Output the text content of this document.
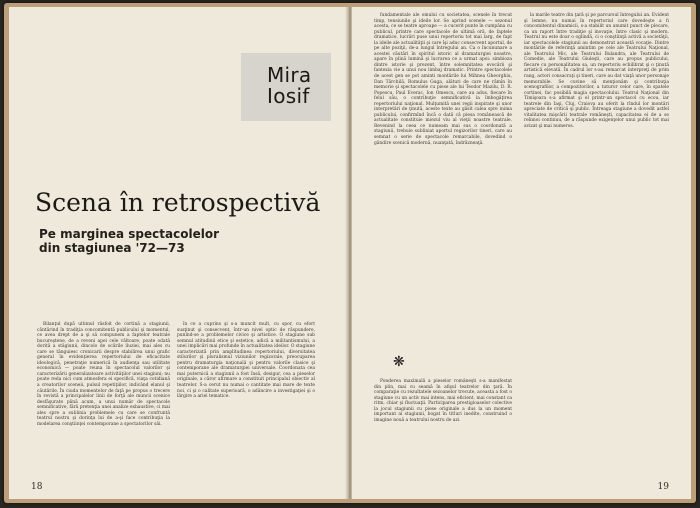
Mira Iosif
Scena în retrospectivă
Pe marginea spectacolelor din stagiunea '72—73

Bilanţul după ultimul răsfoit de cortină a stagiunii, cântărind în tradiţia concomitentă publicului şi momentul, ce avea drept de a şi să compunem a faptelor teatrale bucureştene, de a reveni apei cele vâltoare, poate odată dorită a stăgiunii, dincolo de ocările iluziei, mai ales cu care se tânguiesc cronicarii despre stabilirea unui grafic general în evidenţierea repertoriului de eficacitate ideologică, penetraţie numerică în audienţa sau utilitate economică — poate reuna în spectacolul valorilor şi caracterizării generalizatoare activităţilor unei stagiuni; nu poate reda nici cum atmosfera ei specifică, viaţa cotidiană a creatorilor sceneii, pulsul repetiţiilor, indicând elanul şi căutările. În ciuda momentelor de faţă pe propus o trecere în revistă a principalelor linii de forţă ale muncii scenice desfăşurate până acum, a unui număr de spectacole semnificative, fără pretenţia unei analize exhaustive, ci mai ales spre a sublinia problemele cu care se confruntă teatrul nostru şi dorinţa lui de a-şi face contribuţia la modelarea conştiinţei contemporane a spectatorilor săi.

în ce a cuprins şi s-a muncit mult, cu spor, cu efort susţinut şi consecvent, într-un nivel optic de răspundere, punînd-se a problemelor civice şi artistice. O stagiune sub semnul atitudinii etice şi estetice, adică a militantismului, a unei implicări mai profunde în actualitatea ideilor. O stagiune caracterizată prin amplitudinea repertoriului, diversitatea stilurilor şi pluralismul viziunilor regizorale, preocuparea pentru dramaturgia naţională şi pentru valorile clasice şi contemporane ale dramaturgiei universale. Coordonata cea mai puternică a stagiunii a fost însă, desigur, cea a pieselor originale, a căror afirmare a constituit principalul obiectiv al teatrelor. S-a cerut nu numai o cantitate mai mare de texte noi, ci şi o calitate superioară, o adâncire a investigaţiei şi o lărgire a ariei tematice.

18

fundamentale ale omului cu societatea, scenele în trecut timp, tensiunile şi ideile lor. Se aprind scenele — sezonul acesta, ce se teatre aproape — a cucerit punte în cumpăna cu publicul, printre care spectacole de ultimă oră, de faptele dramatice, lucrări puse unui repertoriu tot mai larg, de fapt la ideile ale actualităţii şi care îşi aduc consecvent aportul, de pe alte poziţii, de-a lungul întregului an. Ca o încununare a acestei căutări în spiritul istoric al dramaturgiei noastre, apare în plină lumină şi lucrarea ce a urmat apoi: simbioza dintre istorie şi prezent, între solemnitatea evocării şi fantezia vie a unui nou limbaj dramatic. Printre spectacolele de acest gen se pot aminti montările lui Mihnea Gheorghiu, Dan Tărchilă, Romulus Guga, alături de care ne rămîn în memorie şi spectacolele cu piese ale lui Teodor Mazilu, D. R. Popescu, Paul Everac, Ion Omescu, care au adus, fiecare în felul său, o contribuţie semnificativă la îmbogăţirea repertoriului naţional. Mulţumită unei regii inspirate şi unor interpretări de ţinută, aceste texte au găsit calea spre inima publicului, confirmînd încă o dată că piesa românească de actualitate constituie miezul viu al vieţii noastre teatrale. Revenind la ceea ce numeam mai sus o coordonată a stagiunii, trebuie subliniat aportul regizorilor tineri, care au semnat o serie de spectacole remarcabile, dovedind o gândire scenică modernă, nuanţată, îndrăzneaţă.

❋

Ponderea maximală a pieselor româneşti s-a manifestat din plin, mai cu seamă în afişul teatrelor din ţară. În comparaţie cu rezultatele sezoanelor trecute, aceasta a fost o stagiune cu un activ mai intens, mai eficient, mai constant ca ritm, chiar şi fluctuaţii. Participarea prestigioaselor colective la jocul stagiunii cu piese originale a dus la un moment important al stagiunii, bogat în titluri inedite, construind o imagine nouă a teatrului nostru de azi.

la marile teatre din ţară şi pe parcursul întregului an. Evident şi lemne, nu numai în repertoriul care dovedeşte a fi concomitentul dinamicii, s-a stabilit un anumit punct de plecare, ca un raport între tradiţie şi inovaţie, între clasic şi modern. Teatrul nu este doar o oglindă, ci o conştiinţă activă a societăţii, iar spectacolele stagiunii au demonstrat această vocaţie. Dintre montările de referinţă amintim pe cele ale Teatrului Naţional, ale Teatrului Mic, ale Teatrului Bulandra, ale Teatrului de Comedie, ale Teatrului Giuleşti, care au propus publicului, fiecare cu personalitatea sa, un repertoriu echilibrat şi o ţinută artistică elevată. În cadrul lor s-au remarcat interpreţi de prim rang, actori consacraţi şi tineri, care au dat viaţă unor personaje memorabile. Se cuvine să menţionăm şi contribuţia scenografilor, a compozitorilor, a tuturor celor care, în spatele cortinei, fac posibilă magia spectacolului. Teatrul Naţional din Timişoara s-a afirmat şi el printr-un spectacol cu ecou, iar teatrele din Iaşi, Cluj, Craiova au oferit la rîndul lor montări apreciate de critică şi public. Întreaga stagiune a dovedit astfel vitalitatea mişcării teatrale româneşti, capacitatea ei de a se reînnoi continuu, de a răspunde exigenţelor unui public tot mai avizat şi mai numeros.

19
